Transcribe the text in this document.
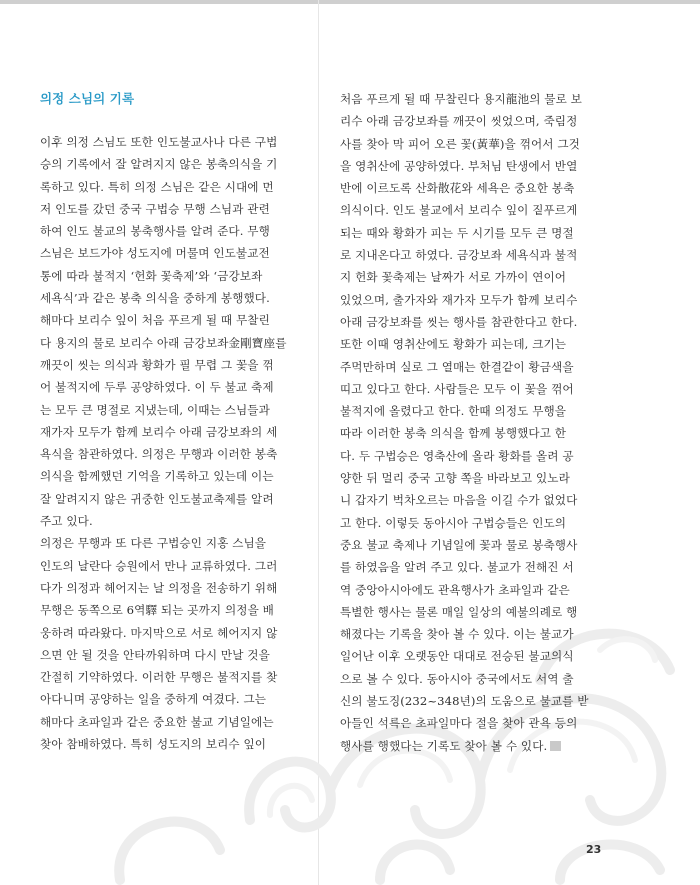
의정 스님의 기록
이후 의정 스님도 또한 인도불교사나 다른 구법
승의 기록에서 잘 알려지지 않은 봉축의식을 기
록하고 있다. 특히 의정 스님은 같은 시대에 먼
저 인도를 갔던 중국 구법승 무행 스님과 관련
하여 인도 불교의 봉축행사를 알려 준다. 무행
스님은 보드가야 성도지에 머물며 인도불교전
통에 따라 불적지 ‘헌화 꽃축제’와 ‘금강보좌
세욕식’과 같은 봉축 의식을 중하게 봉행했다.
해마다 보리수 잎이 처음 푸르게 될 때 무찰린
다 용지의 물로 보리수 아래 금강보좌金剛寶座를
깨끗이 씻는 의식과 황화가 필 무렵 그 꽃을 꺾
어 불적지에 두루 공양하였다. 이 두 불교 축제
는 모두 큰 명절로 지냈는데, 이때는 스님들과
재가자 모두가 함께 보리수 아래 금강보좌의 세
욕식을 참관하였다. 의정은 무행과 이러한 봉축
의식을 함께했던 기억을 기록하고 있는데 이는
잘 알려지지 않은 귀중한 인도불교축제를 알려
주고 있다.
의정은 무행과 또 다른 구법승인 지홍 스님을
인도의 날란다 승원에서 만나 교류하였다. 그러
다가 의정과 헤어지는 날 의정을 전송하기 위해
무행은 동쪽으로 6역驛 되는 곳까지 의정을 배
웅하려 따라왔다. 마지막으로 서로 헤어지지 않
으면 안 될 것을 안타까워하며 다시 만날 것을
간절히 기약하였다. 이러한 무행은 불적지를 찾
아다니며 공양하는 일을 중하게 여겼다. 그는
해마다 초파일과 같은 중요한 불교 기념일에는
찾아 참배하였다. 특히 성도지의 보리수 잎이
처음 푸르게 될 때 무찰린다 용지龍池의 물로 보
리수 아래 금강보좌를 깨끗이 씻었으며, 죽림정
사를 찾아 막 피어 오른 꽃(黃華)을 꺾어서 그것
을 영취산에 공양하였다. 부처님 탄생에서 반열
반에 이르도록 산화散花와 세욕은 중요한 봉축
의식이다. 인도 불교에서 보리수 잎이 짙푸르게
되는 때와 황화가 피는 두 시기를 모두 큰 명절
로 지내온다고 하였다. 금강보좌 세욕식과 불적
지 헌화 꽃축제는 날짜가 서로 가까이 연이어
있었으며, 출가자와 재가자 모두가 함께 보리수
아래 금강보좌를 씻는 행사를 참관한다고 한다.
또한 이때 영취산에도 황화가 피는데, 크기는
주먹만하며 실로 그 열매는 한결같이 황금색을
띠고 있다고 한다. 사람들은 모두 이 꽃을 꺾어
불적지에 올렸다고 한다. 한때 의정도 무행을
따라 이러한 봉축 의식을 함께 봉행했다고 한
다. 두 구법승은 영축산에 올라 황화를 올려 공
양한 뒤 멀리 중국 고향 쪽을 바라보고 있노라
니 갑자기 벅차오르는 마음을 이길 수가 없었다
고 한다. 이렇듯 동아시아 구법승들은 인도의
중요 불교 축제나 기념일에 꽃과 물로 봉축행사
를 하였음을 알려 주고 있다. 불교가 전해진 서
역 중앙아시아에도 관욕행사가 초파일과 같은
특별한 행사는 물론 매일 일상의 예불의례로 행
해졌다는 기록을 찾아 볼 수 있다. 이는 불교가
일어난 이후 오랫동안 대대로 전승된 불교의식
으로 볼 수 있다. 동아시아 중국에서도 서역 출
신의 불도징(232~348년)의 도움으로 불교를 받
아들인 석륵은 초파일마다 절을 찾아 관욕 등의
행사를 행했다는 기록도 찾아 볼 수 있다.
23
